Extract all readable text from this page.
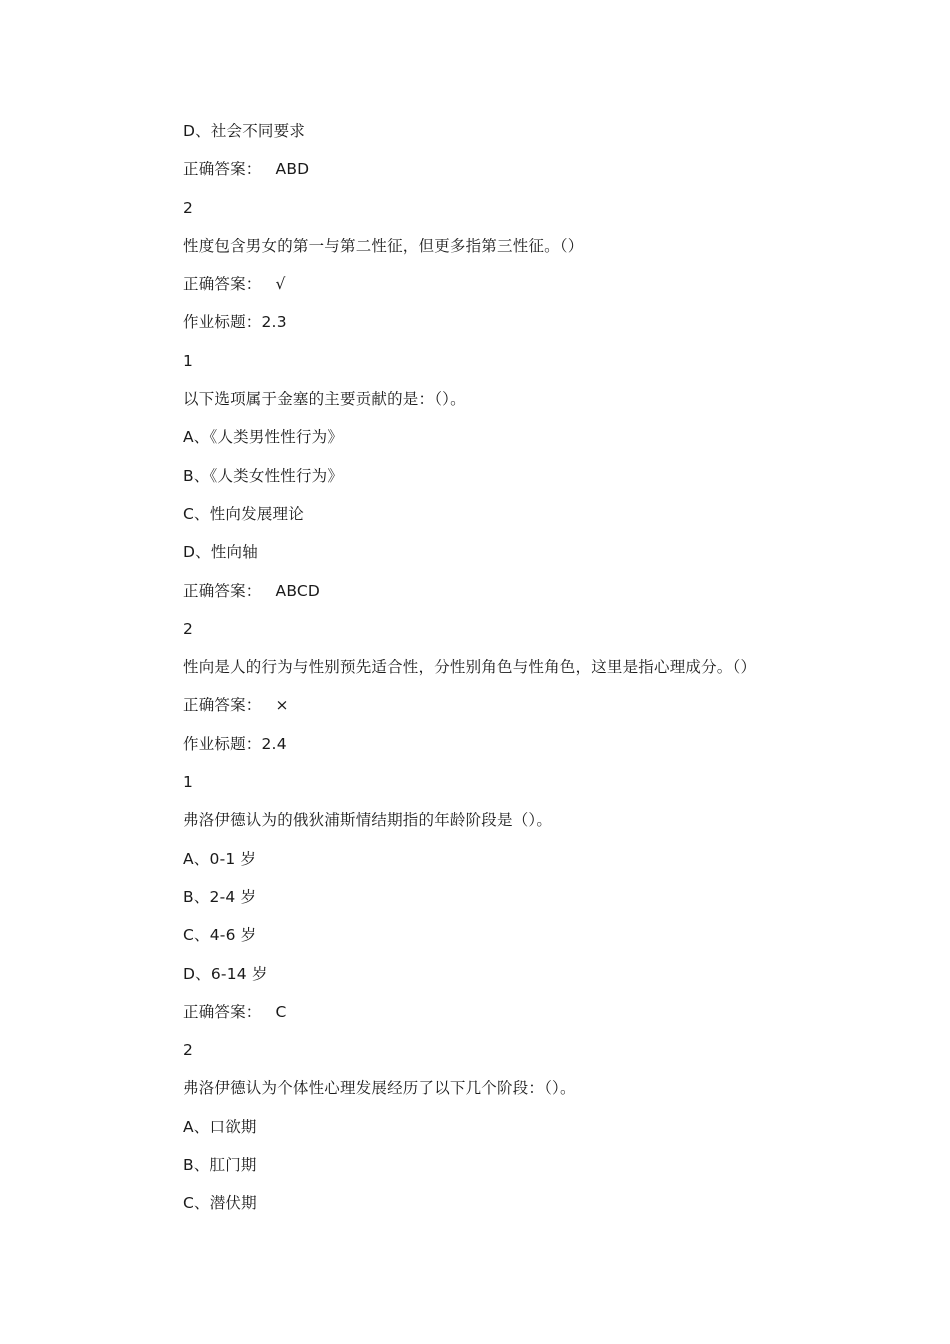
D、社会不同要求
正确答案： ABD
2
性度包含男女的第一与第二性征，但更多指第三性征。（）
正确答案： √
作业标题：2.3
1
以下选项属于金塞的主要贡献的是：（）。
A、《人类男性性行为》
B、《人类女性性行为》
C、性向发展理论
D、性向轴
正确答案： ABCD
2
性向是人的行为与性别预先适合性，分性别角色与性角色，这里是指心理成分。（）
正确答案： ×
作业标题：2.4
1
弗洛伊德认为的俄狄浦斯情结期指的年龄阶段是（）。
A、0-1 岁
B、2-4 岁
C、4-6 岁
D、6-14 岁
正确答案： C
2
弗洛伊德认为个体性心理发展经历了以下几个阶段：（）。
A、口欲期
B、肛门期
C、潜伏期
